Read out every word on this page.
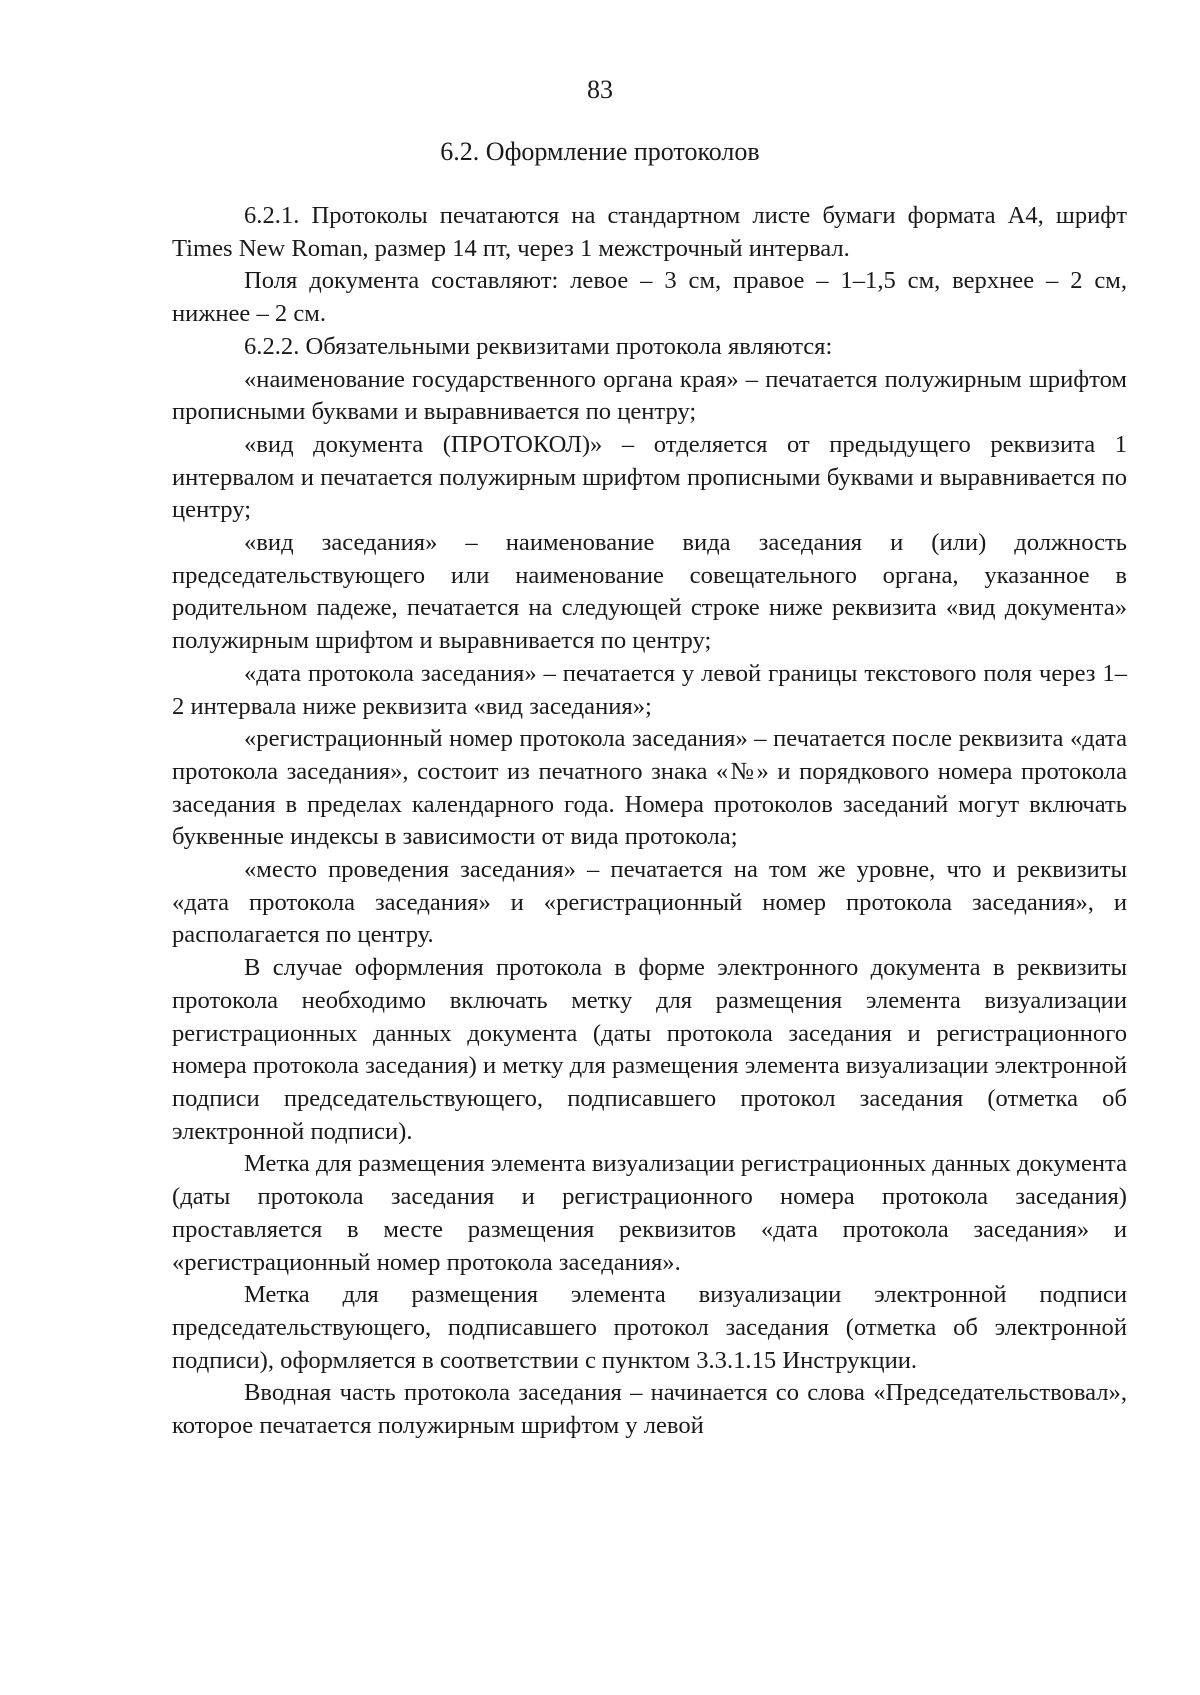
83
6.2. Оформление протоколов

6.2.1. Протоколы печатаются на стандартном листе бумаги формата А4, шрифт Times New Roman, размер 14 пт, через 1 межстрочный интервал.

Поля документа составляют: левое – 3 см, правое – 1–1,5 см, верхнее – 2 см, нижнее – 2 см.

6.2.2. Обязательными реквизитами протокола являются:

«наименование государственного органа края» – печатается полужирным шрифтом прописными буквами и выравнивается по центру;

«вид документа (ПРОТОКОЛ)» – отделяется от предыдущего реквизита 1 интервалом и печатается полужирным шрифтом прописными буквами и выравнивается по центру;

«вид заседания» – наименование вида заседания и (или) должность председательствующего или наименование совещательного органа, указанное в родительном падеже, печатается на следующей строке ниже реквизита «вид документа» полужирным шрифтом и выравнивается по центру;

«дата протокола заседания» – печатается у левой границы текстового поля через 1–2 интервала ниже реквизита «вид заседания»;

«регистрационный номер протокола заседания» – печатается после реквизита «дата протокола заседания», состоит из печатного знака «№» и порядкового номера протокола заседания в пределах календарного года. Номера протоколов заседаний могут включать буквенные индексы в зависимости от вида протокола;

«место проведения заседания» – печатается на том же уровне, что и реквизиты «дата протокола заседания» и «регистрационный номер протокола заседания», и располагается по центру.

В случае оформления протокола в форме электронного документа в реквизиты протокола необходимо включать метку для размещения элемента визуализации регистрационных данных документа (даты протокола заседания и регистрационного номера протокола заседания) и метку для размещения элемента визуализации электронной подписи председательствующего, подписавшего протокол заседания (отметка об электронной подписи).

Метка для размещения элемента визуализации регистрационных данных документа (даты протокола заседания и регистрационного номера протокола заседания) проставляется в месте размещения реквизитов «дата протокола заседания» и «регистрационный номер протокола заседания».

Метка для размещения элемента визуализации электронной подписи председательствующего, подписавшего протокол заседания (отметка об электронной подписи), оформляется в соответствии с пунктом 3.3.1.15 Инструкции.

Вводная часть протокола заседания – начинается со слова «Председательствовал», которое печатается полужирным шрифтом у левой
